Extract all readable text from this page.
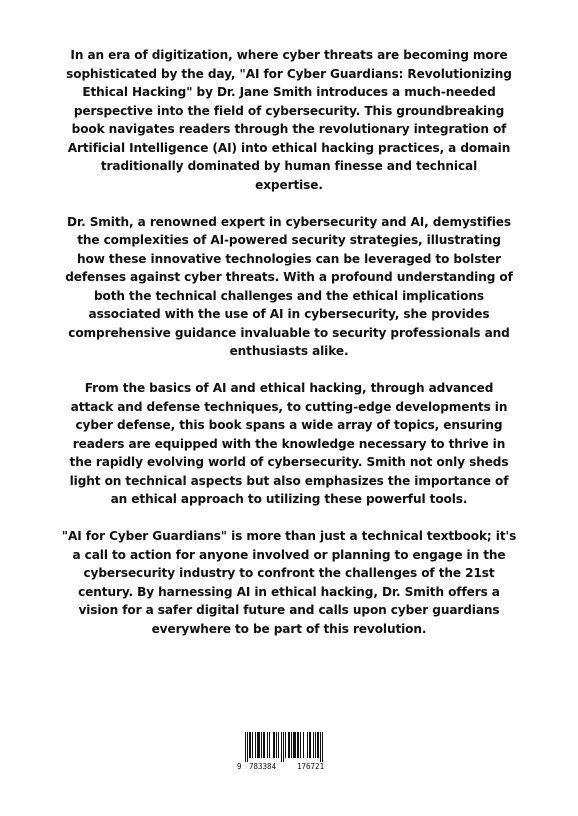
In an era of digitization, where cyber threats are becoming more
sophisticated by the day, "AI for Cyber Guardians: Revolutionizing
Ethical Hacking" by Dr. Jane Smith introduces a much-needed
perspective into the field of cybersecurity. This groundbreaking
book navigates readers through the revolutionary integration of
Artificial Intelligence (AI) into ethical hacking practices, a domain
traditionally dominated by human finesse and technical
expertise.

Dr. Smith, a renowned expert in cybersecurity and AI, demystifies
the complexities of AI-powered security strategies, illustrating
how these innovative technologies can be leveraged to bolster
defenses against cyber threats. With a profound understanding of
both the technical challenges and the ethical implications
associated with the use of AI in cybersecurity, she provides
comprehensive guidance invaluable to security professionals and
enthusiasts alike.

From the basics of AI and ethical hacking, through advanced
attack and defense techniques, to cutting-edge developments in
cyber defense, this book spans a wide array of topics, ensuring
readers are equipped with the knowledge necessary to thrive in
the rapidly evolving world of cybersecurity. Smith not only sheds
light on technical aspects but also emphasizes the importance of
an ethical approach to utilizing these powerful tools.

"AI for Cyber Guardians" is more than just a technical textbook; it's
a call to action for anyone involved or planning to engage in the
cybersecurity industry to confront the challenges of the 21st
century. By harnessing AI in ethical hacking, Dr. Smith offers a
vision for a safer digital future and calls upon cyber guardians
everywhere to be part of this revolution.

9 783384	176721
